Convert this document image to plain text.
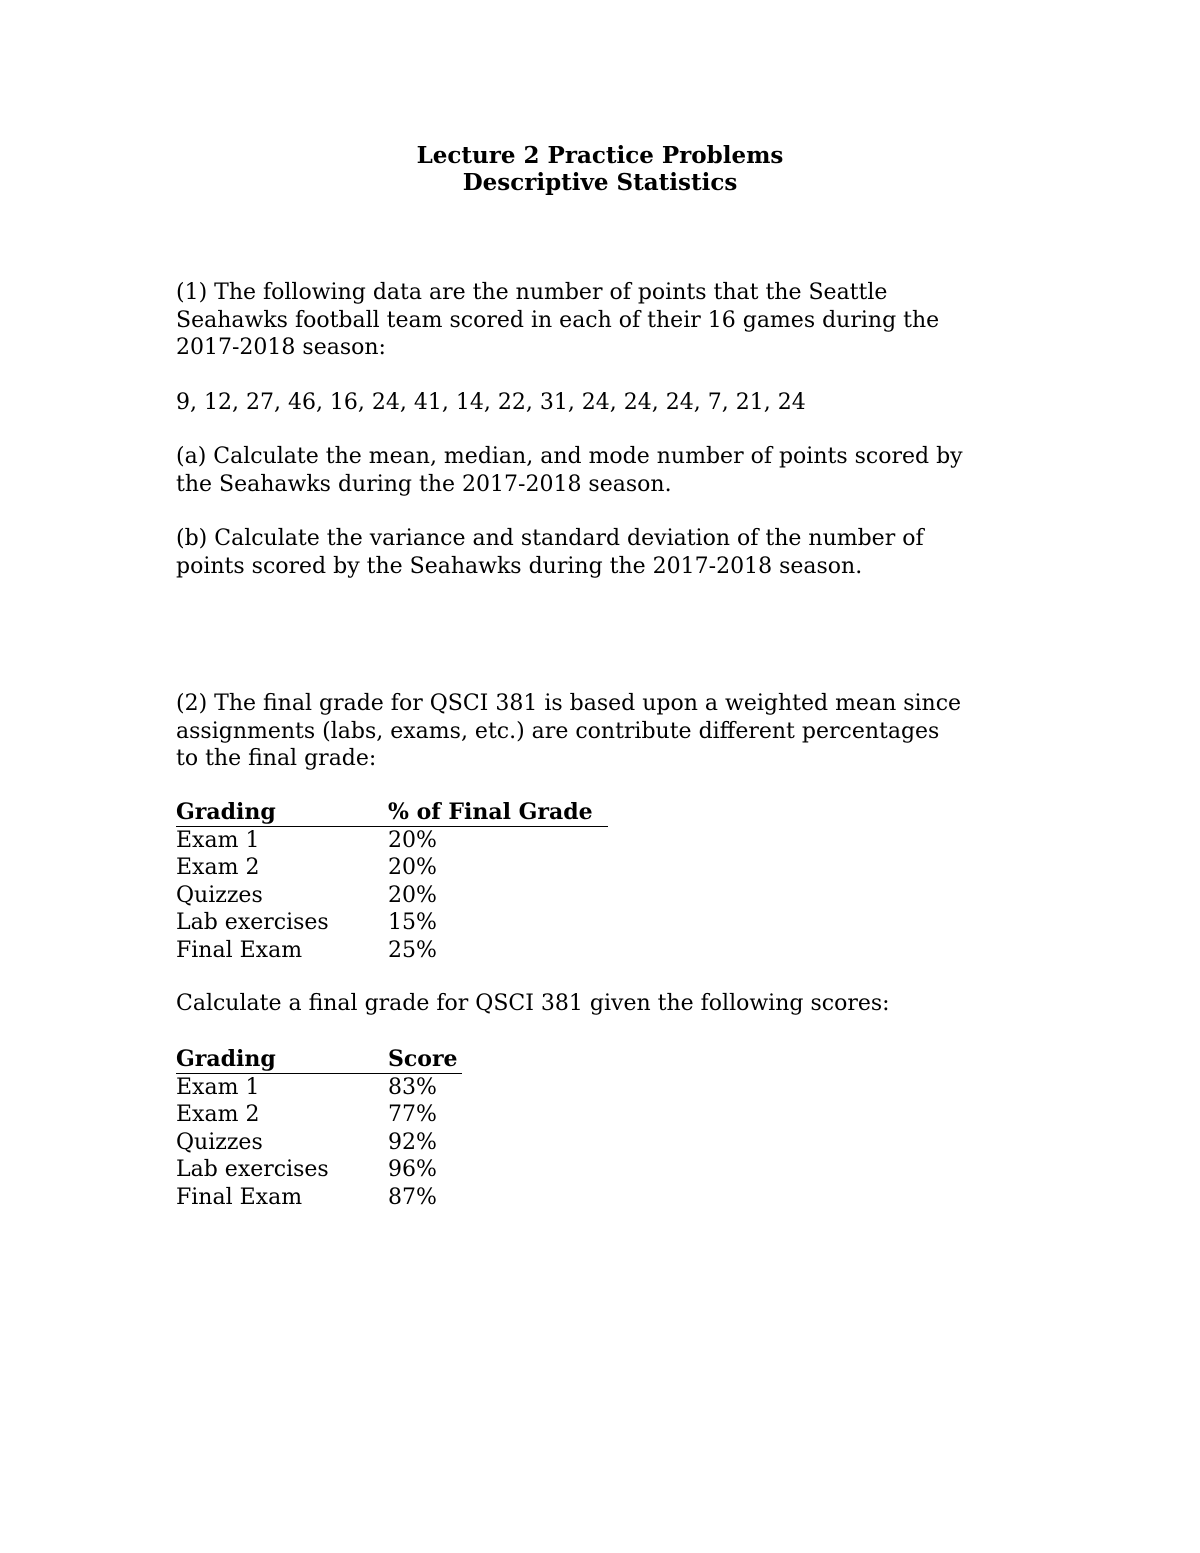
Lecture 2 Practice Problems
Descriptive Statistics
(1) The following data are the number of points that the Seattle
Seahawks football team scored in each of their 16 games during the
2017-2018 season:
9, 12, 27, 46, 16, 24, 41, 14, 22, 31, 24, 24, 24, 7, 21, 24
(a) Calculate the mean, median, and mode number of points scored by
the Seahawks during the 2017-2018 season.
(b) Calculate the variance and standard deviation of the number of
points scored by the Seahawks during the 2017-2018 season.
(2) The final grade for QSCI 381 is based upon a weighted mean since
assignments (labs, exams, etc.) are contribute different percentages
to the final grade:
Grading	% of Final Grade
Exam 1	20%
Exam 2	20%
Quizzes	20%
Lab exercises	15%
Final Exam	25%
Calculate a final grade for QSCI 381 given the following scores:
Grading	Score
Exam 1	83%
Exam 2	77%
Quizzes	92%
Lab exercises	96%
Final Exam	87%
